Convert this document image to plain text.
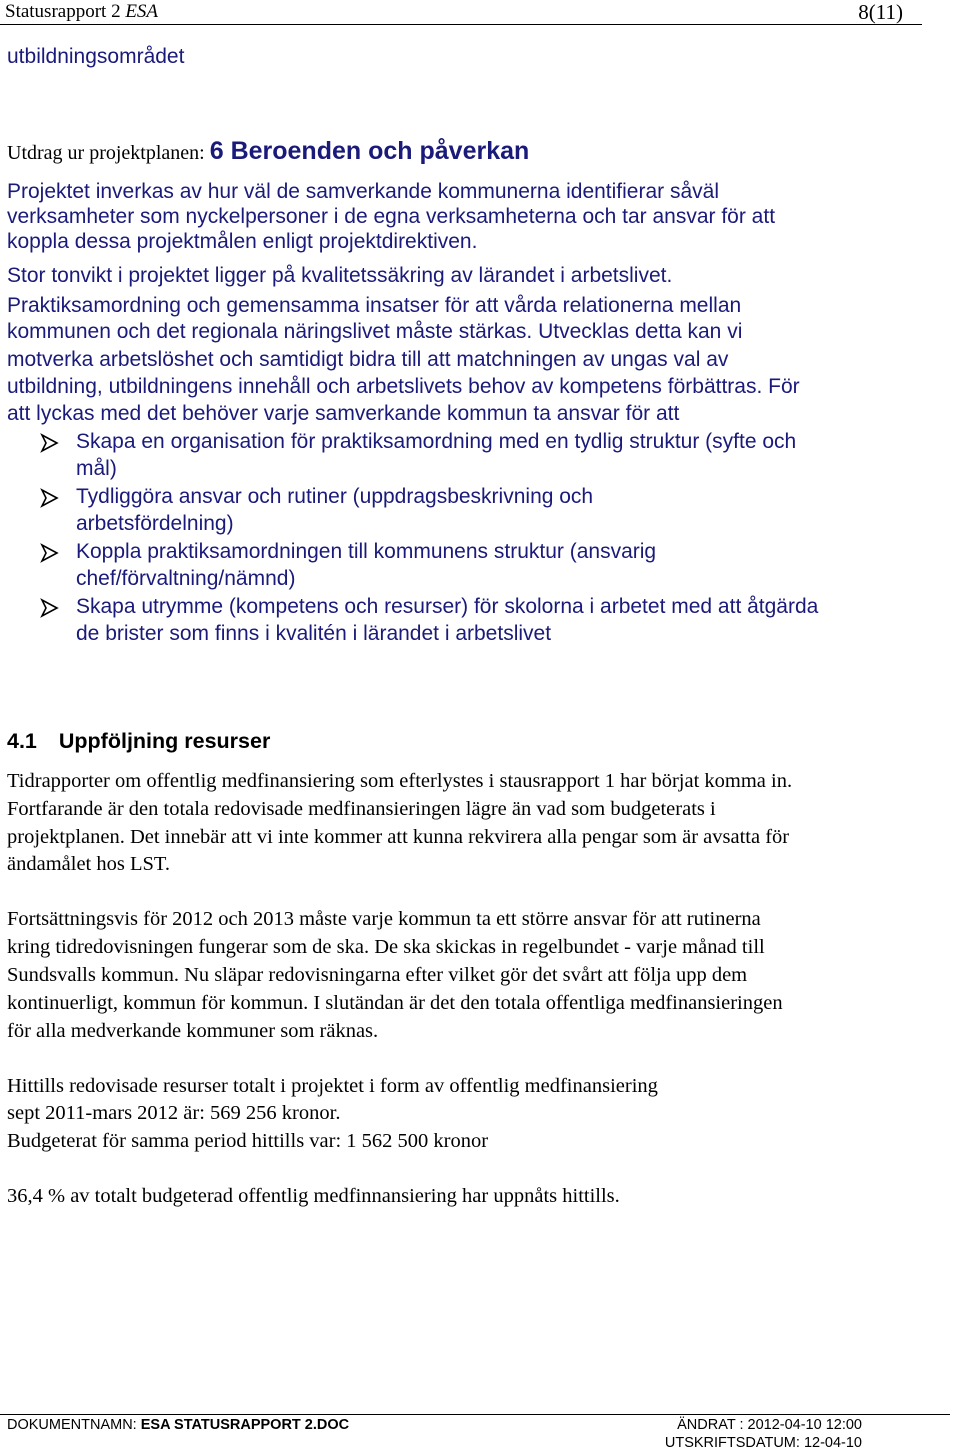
Statusrapport 2 ESA	8(11)
utbildningsområdet
Utdrag ur projektplanen: 6 Beroenden och påverkan
Projektet inverkas av hur väl de samverkande kommunerna identifierar såväl
verksamheter som nyckelpersoner i de egna verksamheterna och tar ansvar för att
koppla dessa projektmålen enligt projektdirektiven.
Stor tonvikt i projektet ligger på kvalitetssäkring av lärandet i arbetslivet.
Praktiksamordning och gemensamma insatser för att vårda relationerna mellan
kommunen och det regionala näringslivet måste stärkas. Utvecklas detta kan vi
motverka arbetslöshet och samtidigt bidra till att matchningen av ungas val av
utbildning, utbildningens innehåll och arbetslivets behov av kompetens förbättras. För
att lyckas med det behöver varje samverkande kommun ta ansvar för att
Skapa en organisation för praktiksamordning med en tydlig struktur (syfte och
mål)
Tydliggöra ansvar och rutiner (uppdragsbeskrivning och
arbetsfördelning)
Koppla praktiksamordningen till kommunens struktur (ansvarig
chef/förvaltning/nämnd)
Skapa utrymme (kompetens och resurser) för skolorna i arbetet med att åtgärda
de brister som finns i kvalitén i lärandet i arbetslivet
4.1 Uppföljning resurser
Tidrapporter om offentlig medfinansiering som efterlystes i stausrapport 1 har börjat komma in.
Fortfarande är den totala redovisade medfinansieringen lägre än vad som budgeterats i
projektplanen. Det innebär att vi inte kommer att kunna rekvirera alla pengar som är avsatta för
ändamålet hos LST.
Fortsättningsvis för 2012 och 2013 måste varje kommun ta ett större ansvar för att rutinerna
kring tidredovisningen fungerar som de ska. De ska skickas in regelbundet - varje månad till
Sundsvalls kommun. Nu släpar redovisningarna efter vilket gör det svårt att följa upp dem
kontinuerligt, kommun för kommun. I slutändan är det den totala offentliga medfinansieringen
för alla medverkande kommuner som räknas.
Hittills redovisade resurser totalt i projektet i form av offentlig medfinansiering
sept 2011-mars 2012 är: 569 256 kronor.
Budgeterat för samma period hittills var: 1 562 500 kronor
36,4 % av totalt budgeterad offentlig medfinnansiering har uppnåts hittills.
DOKUMENTNAMN: ESA STATUSRAPPORT 2.DOC	ÄNDRAT : 2012-04-10 12:00
UTSKRIFTSDATUM: 12-04-10
